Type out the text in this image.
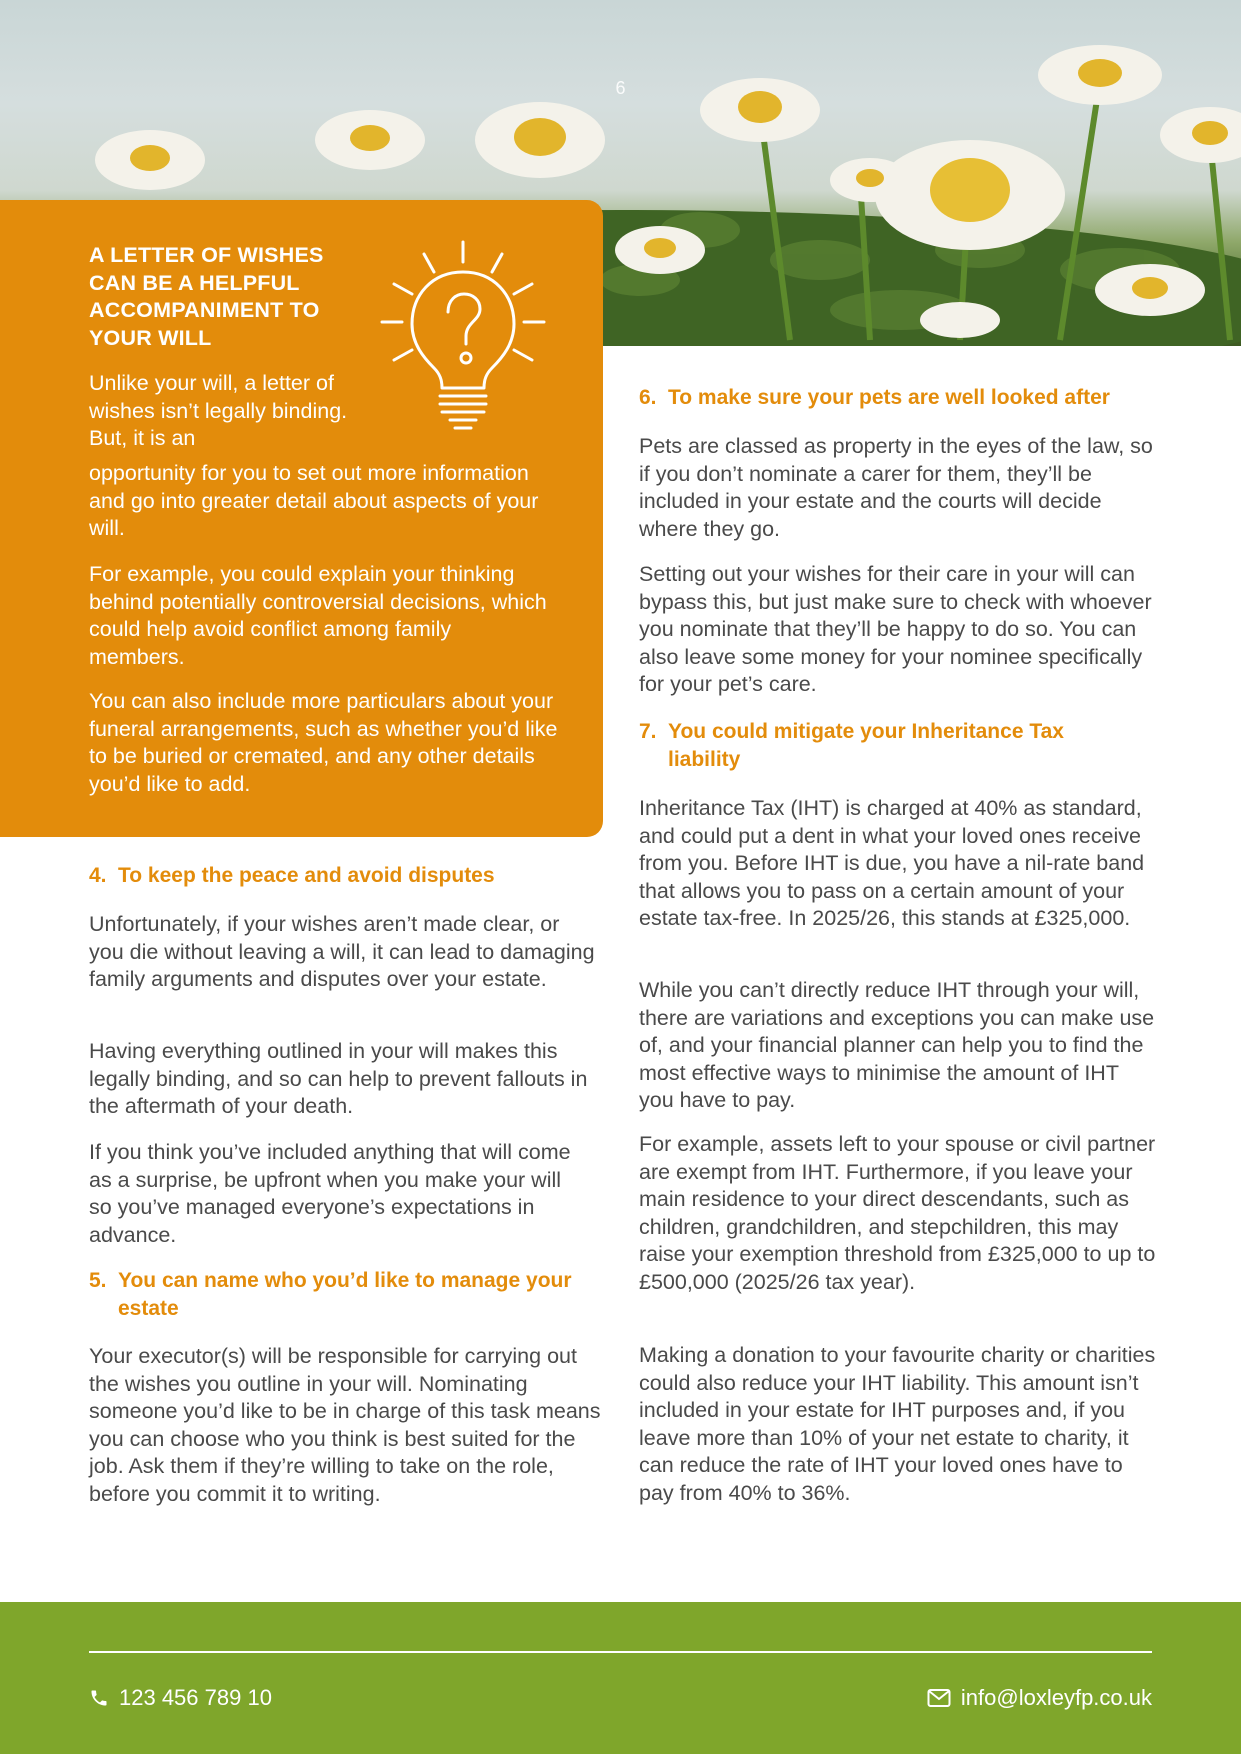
6
A LETTER OF WISHES CAN BE A HELPFUL ACCOMPANIMENT TO YOUR WILL
Unlike your will, a letter of wishes isn’t legally binding. But, it is an
opportunity for you to set out more information and go into greater detail about aspects of your will.
For example, you could explain your thinking behind potentially controversial decisions, which could help avoid conflict among family members.
You can also include more particulars about your funeral arrangements, such as whether you’d like to be buried or cremated, and any other details you’d like to add.
4. To keep the peace and avoid disputes
Unfortunately, if your wishes aren’t made clear, or you die without leaving a will, it can lead to damaging family arguments and disputes over your estate.
Having everything outlined in your will makes this legally binding, and so can help to prevent fallouts in the aftermath of your death.
If you think you’ve included anything that will come as a surprise, be upfront when you make your will so you’ve managed everyone’s expectations in advance.
5. You can name who you’d like to manage your estate
Your executor(s) will be responsible for carrying out the wishes you outline in your will. Nominating someone you’d like to be in charge of this task means you can choose who you think is best suited for the job. Ask them if they’re willing to take on the role, before you commit it to writing.
6. To make sure your pets are well looked after
Pets are classed as property in the eyes of the law, so if you don’t nominate a carer for them, they’ll be included in your estate and the courts will decide where they go.
Setting out your wishes for their care in your will can bypass this, but just make sure to check with whoever you nominate that they’ll be happy to do so. You can also leave some money for your nominee specifically for your pet’s care.
7. You could mitigate your Inheritance Tax liability
Inheritance Tax (IHT) is charged at 40% as standard, and could put a dent in what your loved ones receive from you. Before IHT is due, you have a nil-rate band that allows you to pass on a certain amount of your estate tax-free. In 2025/26, this stands at £325,000.
While you can’t directly reduce IHT through your will, there are variations and exceptions you can make use of, and your financial planner can help you to find the most effective ways to minimise the amount of IHT you have to pay.
For example, assets left to your spouse or civil partner are exempt from IHT. Furthermore, if you leave your main residence to your direct descendants, such as children, grandchildren, and stepchildren, this may raise your exemption threshold from £325,000 to up to £500,000 (2025/26 tax year).
Making a donation to your favourite charity or charities could also reduce your IHT liability. This amount isn’t included in your estate for IHT purposes and, if you leave more than 10% of your net estate to charity, it can reduce the rate of IHT your loved ones have to pay from 40% to 36%.
123 456 789 10	info@loxleyfp.co.uk
